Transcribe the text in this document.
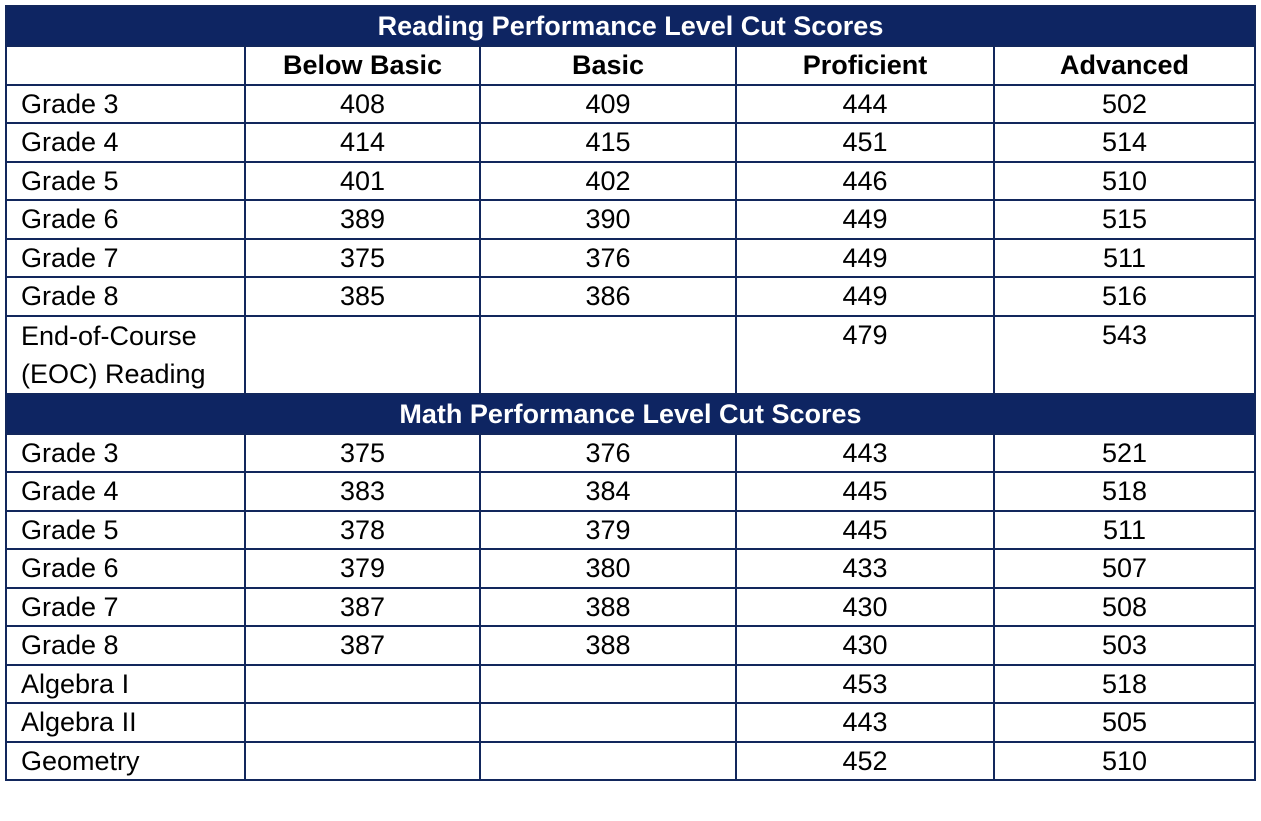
Reading Performance Level Cut Scores				
	Below Basic	Basic	Proficient	Advanced
Grade 3	408	409	444	502
Grade 4	414	415	451	514
Grade 5	401	402	446	510
Grade 6	389	390	449	515
Grade 7	375	376	449	511
Grade 8	385	386	449	516

End-of-Course
(EOC) Reading			479	543
Math Performance Level Cut Scores				
Grade 3	375	376	443	521
Grade 4	383	384	445	518
Grade 5	378	379	445	511
Grade 6	379	380	433	507
Grade 7	387	388	430	508
Grade 8	387	388	430	503
Algebra I			453	518
Algebra II			443	505
Geometry			452	510
